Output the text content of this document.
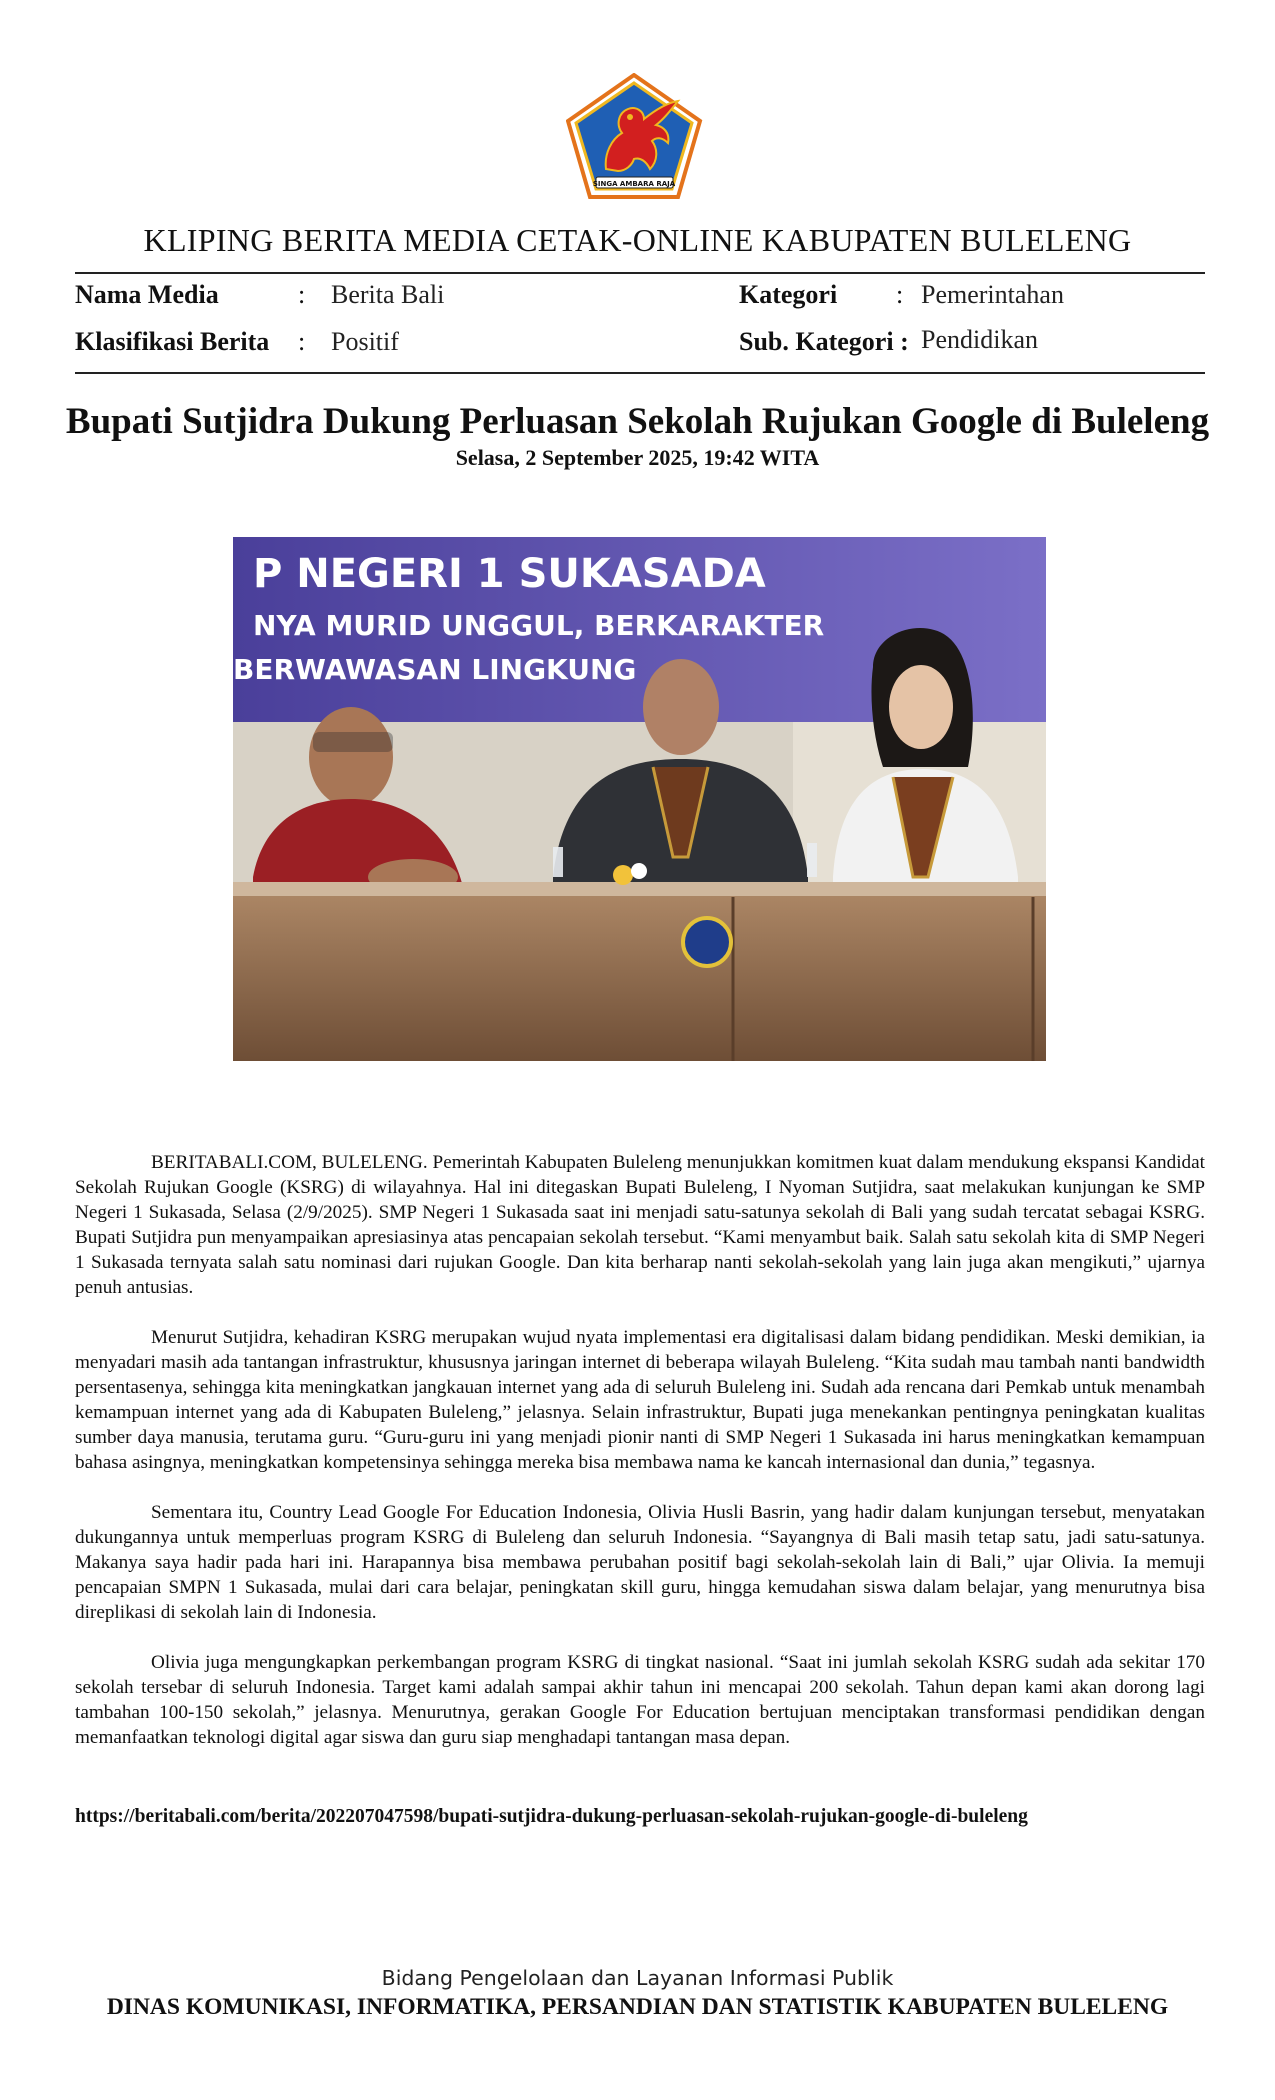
SINGA AMBARA RAJA
KLIPING BERITA MEDIA CETAK-ONLINE KABUPATEN BULELENG
Nama Media	: Berita Bali	Kategori : Pemerintahan
Klasifikasi Berita : Positif	Sub. Kategori : Pendidikan
Bupati Sutjidra Dukung Perluasan Sekolah Rujukan Google di Buleleng
Selasa, 2 September 2025, 19:42 WITA
P NEGERI 1 SUKASADA
NYA MURID UNGGUL, BERKARAKTER
BERWAWASAN LINGKUNG

BERITABALI.COM, BULELENG. Pemerintah Kabupaten Buleleng menunjukkan komitmen kuat dalam mendukung ekspansi Kandidat Sekolah Rujukan Google (KSRG) di wilayahnya. Hal ini ditegaskan Bupati Buleleng, I Nyoman Sutjidra, saat melakukan kunjungan ke SMP Negeri 1 Sukasada, Selasa (2/9/2025). SMP Negeri 1 Sukasada saat ini menjadi satu-satunya sekolah di Bali yang sudah tercatat sebagai KSRG. Bupati Sutjidra pun menyampaikan apresiasinya atas pencapaian sekolah tersebut. “Kami menyambut baik. Salah satu sekolah kita di SMP Negeri 1 Sukasada ternyata salah satu nominasi dari rujukan Google. Dan kita berharap nanti sekolah-sekolah yang lain juga akan mengikuti,” ujarnya penuh antusias.

Menurut Sutjidra, kehadiran KSRG merupakan wujud nyata implementasi era digitalisasi dalam bidang pendidikan. Meski demikian, ia menyadari masih ada tantangan infrastruktur, khususnya jaringan internet di beberapa wilayah Buleleng. “Kita sudah mau tambah nanti bandwidth persentasenya, sehingga kita meningkatkan jangkauan internet yang ada di seluruh Buleleng ini. Sudah ada rencana dari Pemkab untuk menambah kemampuan internet yang ada di Kabupaten Buleleng,” jelasnya. Selain infrastruktur, Bupati juga menekankan pentingnya peningkatan kualitas sumber daya manusia, terutama guru. “Guru-guru ini yang menjadi pionir nanti di SMP Negeri 1 Sukasada ini harus meningkatkan kemampuan bahasa asingnya, meningkatkan kompetensinya sehingga mereka bisa membawa nama ke kancah internasional dan dunia,” tegasnya.

Sementara itu, Country Lead Google For Education Indonesia, Olivia Husli Basrin, yang hadir dalam kunjungan tersebut, menyatakan dukungannya untuk memperluas program KSRG di Buleleng dan seluruh Indonesia. “Sayangnya di Bali masih tetap satu, jadi satu-satunya. Makanya saya hadir pada hari ini. Harapannya bisa membawa perubahan positif bagi sekolah-sekolah lain di Bali,” ujar Olivia. Ia memuji pencapaian SMPN 1 Sukasada, mulai dari cara belajar, peningkatan skill guru, hingga kemudahan siswa dalam belajar, yang menurutnya bisa direplikasi di sekolah lain di Indonesia.

Olivia juga mengungkapkan perkembangan program KSRG di tingkat nasional. “Saat ini jumlah sekolah KSRG sudah ada sekitar 170 sekolah tersebar di seluruh Indonesia. Target kami adalah sampai akhir tahun ini mencapai 200 sekolah. Tahun depan kami akan dorong lagi tambahan 100-150 sekolah,” jelasnya. Menurutnya, gerakan Google For Education bertujuan menciptakan transformasi pendidikan dengan memanfaatkan teknologi digital agar siswa dan guru siap menghadapi tantangan masa depan.

https://beritabali.com/berita/202207047598/bupati-sutjidra-dukung-perluasan-sekolah-rujukan-google-di-buleleng
Bidang Pengelolaan dan Layanan Informasi Publik
DINAS KOMUNIKASI, INFORMATIKA, PERSANDIAN DAN STATISTIK KABUPATEN BULELENG
